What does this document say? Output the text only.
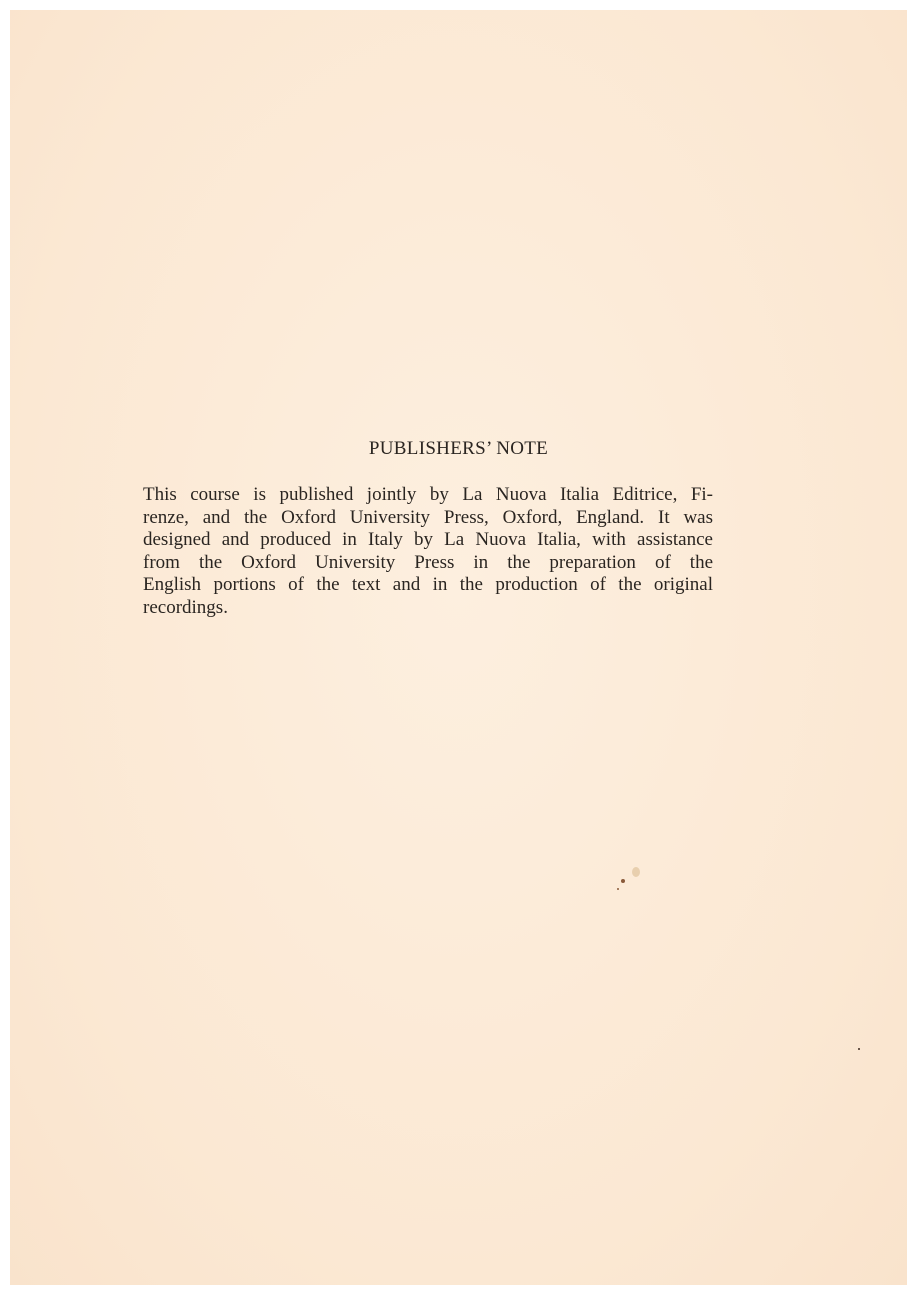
PUBLISHERS’ NOTE
This course is published jointly by La Nuova Italia Editrice, Fi-
renze, and the Oxford University Press, Oxford, England. It was
designed and produced in Italy by La Nuova Italia, with assistance
from the Oxford University Press in the preparation of the
English portions of the text and in the production of the original
recordings.
